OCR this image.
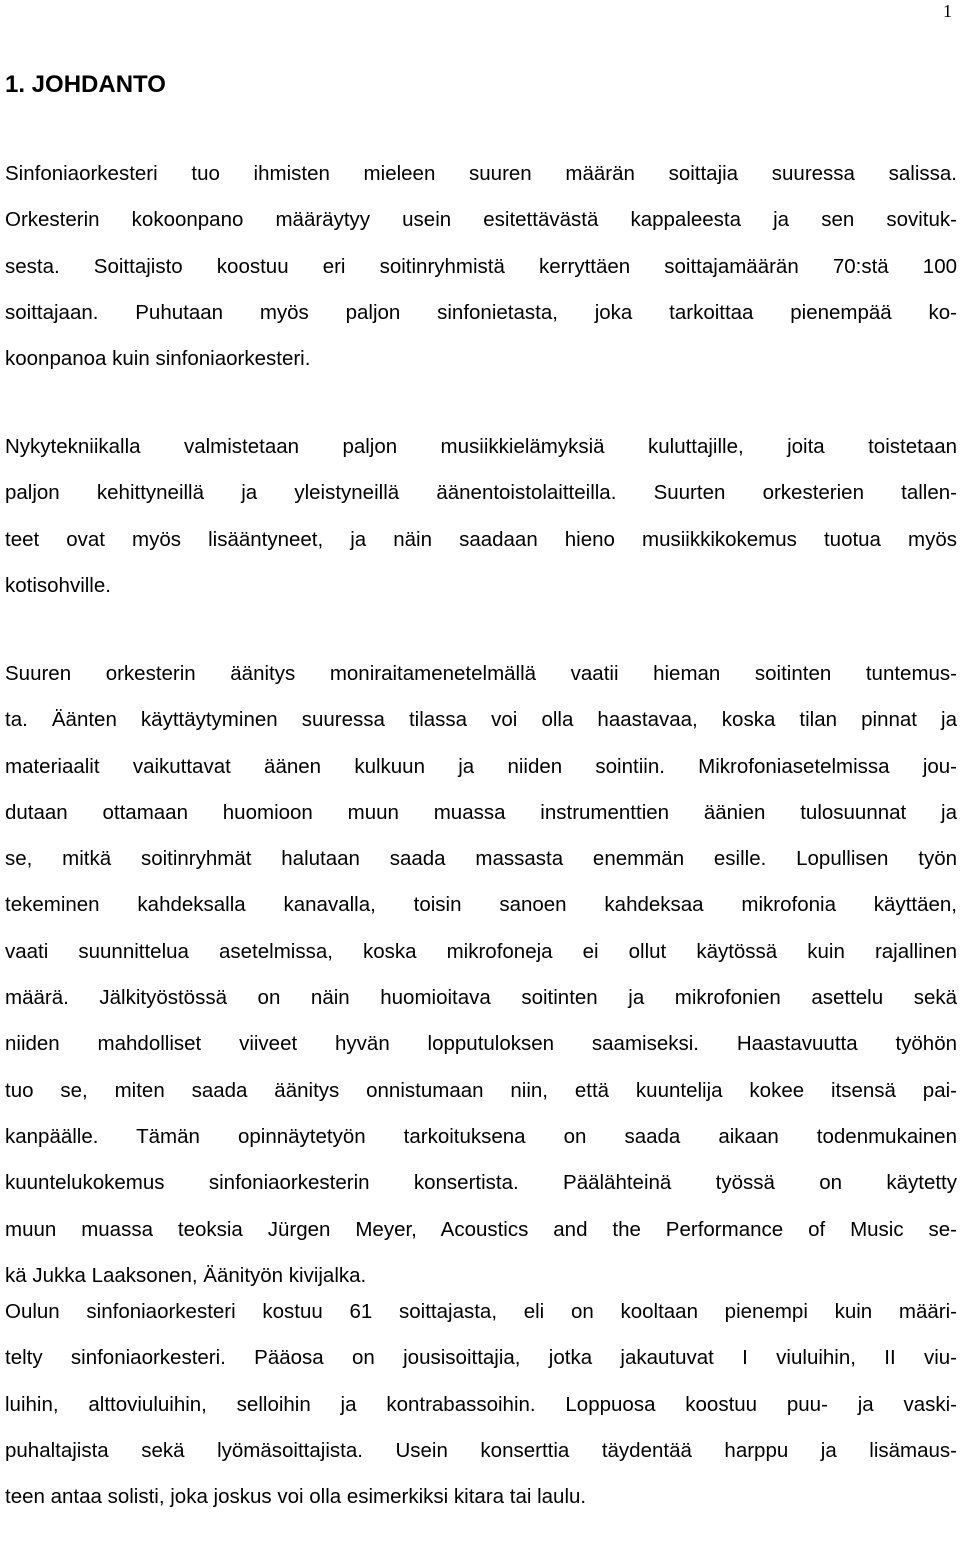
1
1. JOHDANTO

Sinfoniaorkesteri tuo ihmisten mieleen suuren määrän soittajia suuressa salissa.
Orkesterin kokoonpano määräytyy usein esitettävästä kappaleesta ja sen sovituk-
sesta. Soittajisto koostuu eri soitinryhmistä kerryttäen soittajamäärän 70:stä 100
soittajaan. Puhutaan myös paljon sinfonietasta, joka tarkoittaa pienempää ko-
koonpanoa kuin sinfoniaorkesteri.

Nykytekniikalla valmistetaan paljon musiikkielämyksiä kuluttajille, joita toistetaan
paljon kehittyneillä ja yleistyneillä äänentoistolaitteilla. Suurten orkesterien tallen-
teet ovat myös lisääntyneet, ja näin saadaan hieno musiikkikokemus tuotua myös
kotisohville.

Suuren orkesterin äänitys moniraitamenetelmällä vaatii hieman soitinten tuntemus-
ta. Äänten käyttäytyminen suuressa tilassa voi olla haastavaa, koska tilan pinnat ja
materiaalit vaikuttavat äänen kulkuun ja niiden sointiin. Mikrofoniasetelmissa jou-
dutaan ottamaan huomioon muun muassa instrumenttien äänien tulosuunnat ja
se, mitkä soitinryhmät halutaan saada massasta enemmän esille. Lopullisen työn
tekeminen kahdeksalla kanavalla, toisin sanoen kahdeksaa mikrofonia käyttäen,
vaati suunnittelua asetelmissa, koska mikrofoneja ei ollut käytössä kuin rajallinen
määrä. Jälkityöstössä on näin huomioitava soitinten ja mikrofonien asettelu sekä
niiden mahdolliset viiveet hyvän lopputuloksen saamiseksi. Haastavuutta työhön
tuo se, miten saada äänitys onnistumaan niin, että kuuntelija kokee itsensä pai-
kanpäälle. Tämän opinnäytetyön tarkoituksena on saada aikaan todenmukainen
kuuntelukokemus sinfoniaorkesterin konsertista. Päälähteinä työssä on käytetty
muun muassa teoksia Jürgen Meyer, Acoustics and the Performance of Music se-
kä Jukka Laaksonen, Äänityön kivijalka.

Oulun sinfoniaorkesteri kostuu 61 soittajasta, eli on kooltaan pienempi kuin määri-
telty sinfoniaorkesteri. Pääosa on jousisoittajia, jotka jakautuvat I viuluihin, II viu-
luihin, alttoviuluihin, selloihin ja kontrabassoihin. Loppuosa koostuu puu- ja vaski-
puhaltajista sekä lyömäsoittajista. Usein konserttia täydentää harppu ja lisämaus-
teen antaa solisti, joka joskus voi olla esimerkiksi kitara tai laulu.
